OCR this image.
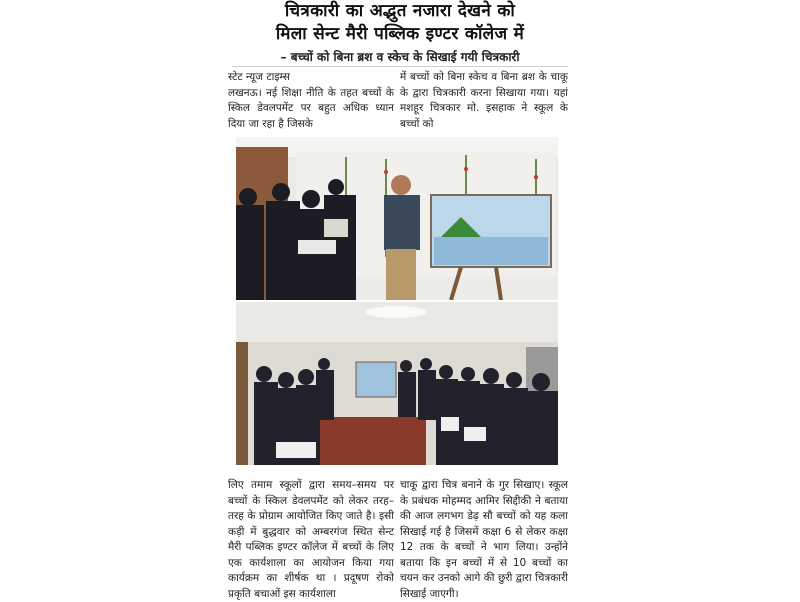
चित्रकारी का अद्भुत नजारा देखने को
मिला सेन्ट मैरी पब्लिक इण्टर कॉलेज में
– बच्चों को बिना ब्रश व स्केच के सिखाई गयी चित्रकारी

स्टेट न्यूज टाइम्स

लखनऊ। नई शिक्षा नीति के तहत बच्चों के स्किल डेवलपमेंट पर बहुत अधिक ध्यान दिया जा रहा है जिसके

में बच्चों को बिना स्केच व बिना ब्रश के चाकू के द्वारा चित्रकारी करना सिखाया गया। यहां मशहूर चित्रकार मो. इसहाक ने स्कूल के बच्चों को

लिए तमाम स्कूलों द्वारा समय–समय पर बच्चों के स्किल डेवलपमेंट को लेकर तरह–तरह के प्रोग्राम आयोजित किए जाते है। इसी कड़ी में बुद्धवार को अम्बरगंज स्थित सेन्ट मैरी पब्लिक इण्टर कॉलेज में बच्चों के लिए एक कार्यशाला का आयोजन किया गया कार्यक्रम का शीर्षक था । प्रदूषण रोको प्रकृति बचाओं इस कार्यशाला

चाकू द्वारा चित्र बनाने के गुर सिखाए। स्कूल के प्रबंधक मोहम्मद आमिर सिद्दीकी ने बताया की आज लगभग डेढ़ सौ बच्चों को यह कला सिखाई गई है जिसमें कक्षा 6 से लेकर कक्षा 12 तक के बच्चों ने भाग लिया। उन्होंने बताया कि इन बच्चों में से 10 बच्चों का चयन कर उनको आगे की छुरी द्वारा चित्रकारी सिखाई जाएगी।
